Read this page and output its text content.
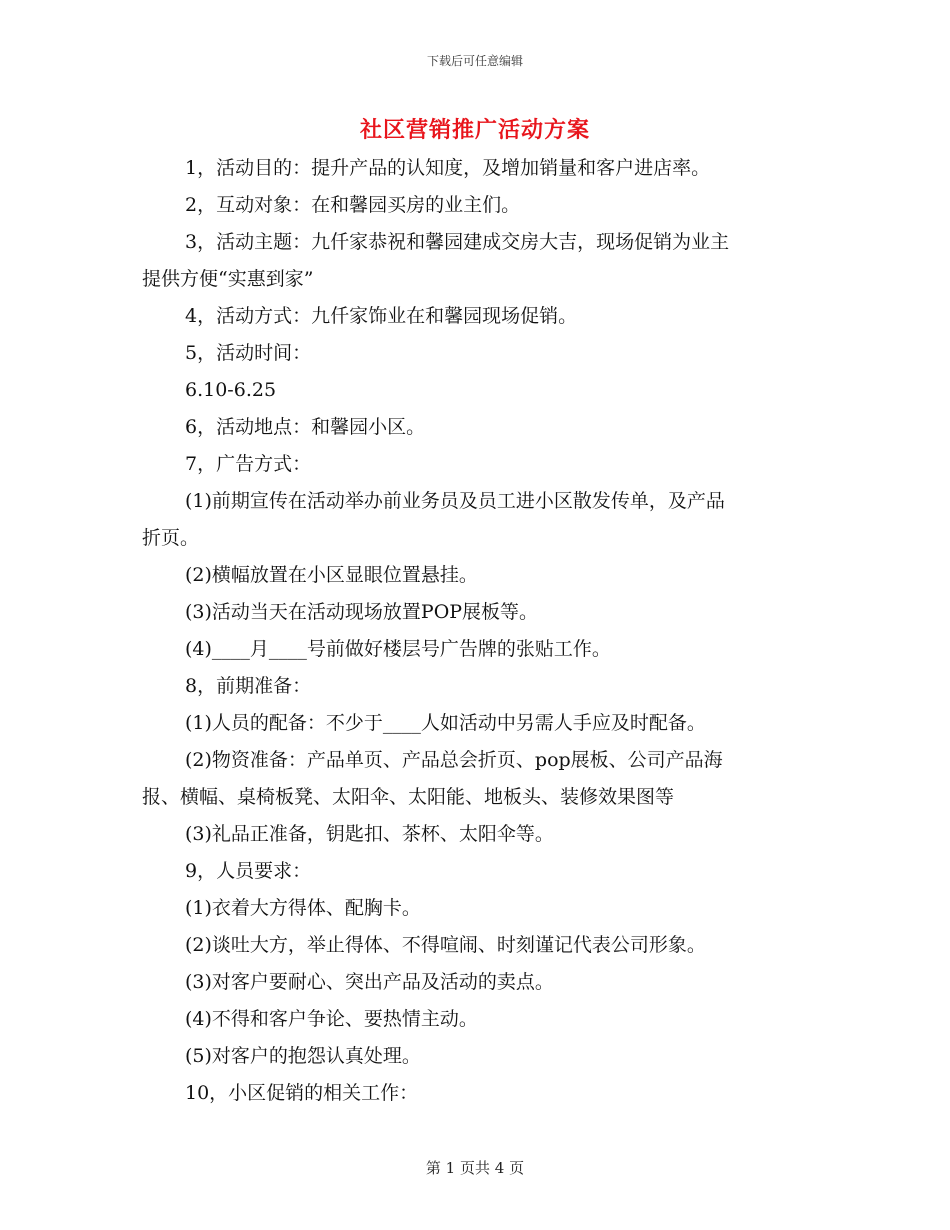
下载后可任意编辑
社区营销推广活动方案
1，活动目的：提升产品的认知度，及增加销量和客户进店率。
2，互动对象：在和馨园买房的业主们。
3，活动主题：九仟家恭祝和馨园建成交房大吉，现场促销为业主
提供方便“实惠到家”
4，活动方式：九仟家饰业在和馨园现场促销。
5，活动时间：
6.10-6.25
6，活动地点：和馨园小区。
7，广告方式：
(1)前期宣传在活动举办前业务员及员工进小区散发传单，及产品
折页。
(2)横幅放置在小区显眼位置悬挂。
(3)活动当天在活动现场放置POP展板等。
(4)____月____号前做好楼层号广告牌的张贴工作。
8，前期准备：
(1)人员的配备：不少于____人如活动中另需人手应及时配备。
(2)物资准备：产品单页、产品总会折页、pop展板、公司产品海
报、横幅、桌椅板凳、太阳伞、太阳能、地板头、装修效果图等
(3)礼品正准备，钥匙扣、茶杯、太阳伞等。
9，人员要求：
(1)衣着大方得体、配胸卡。
(2)谈吐大方，举止得体、不得喧闹、时刻谨记代表公司形象。
(3)对客户要耐心、突出产品及活动的卖点。
(4)不得和客户争论、要热情主动。
(5)对客户的抱怨认真处理。
10，小区促销的相关工作：
第 1 页共 4 页
